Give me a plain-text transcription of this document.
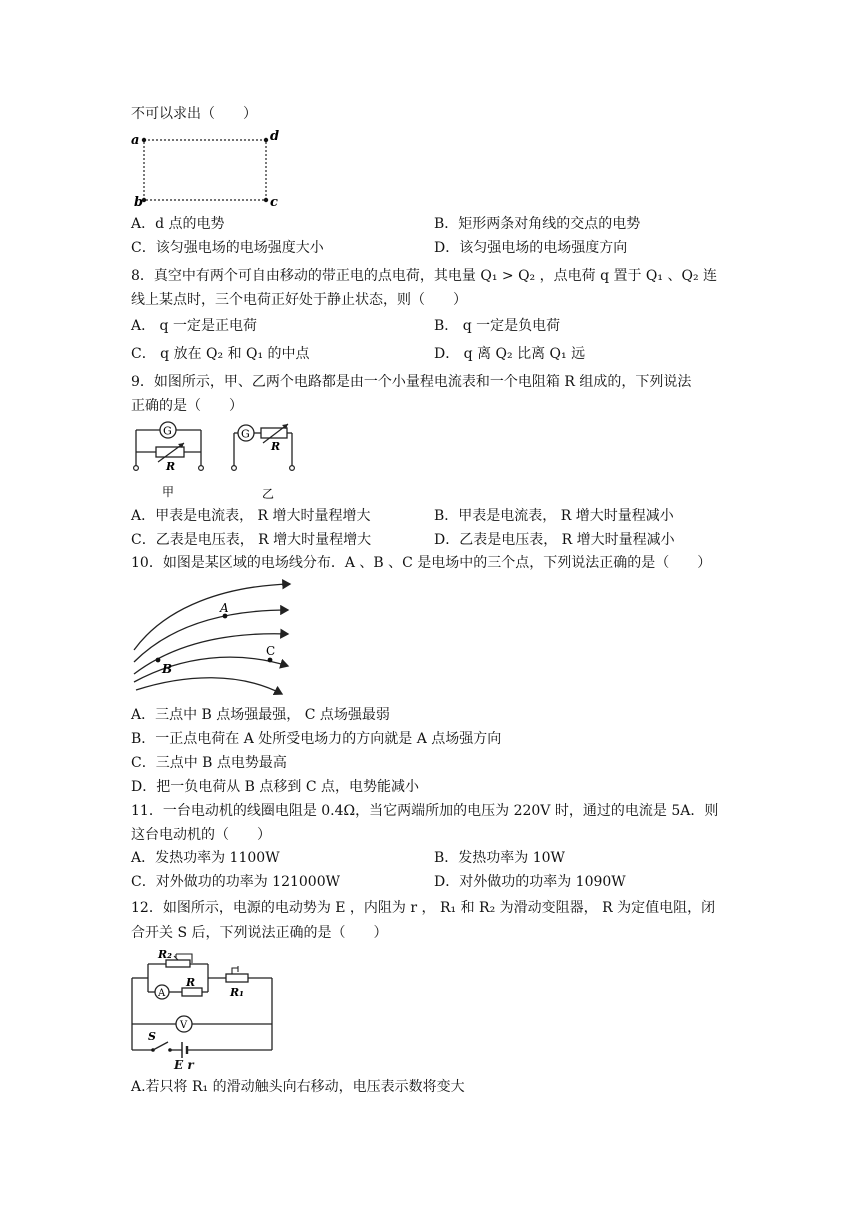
不可以求出（　　）
a	d
b	c
A．d 点的电势	B．矩形两条对角线的交点的电势
C．该匀强电场的电场强度大小	D．该匀强电场的电场强度方向
8．真空中有两个可自由移动的带正电的点电荷，其电量 Q₁ > Q₂ ，点电荷 q 置于 Q₁ 、Q₂ 连
线上某点时，三个电荷正好处于静止状态，则（　　）
A． q 一定是正电荷	B． q 一定是负电荷
C． q 放在 Q₂ 和 Q₁ 的中点	D． q 离 Q₂ 比离 Q₁ 远
9．如图所示，甲、乙两个电路都是由一个小量程电流表和一个电阻箱 R 组成的，下列说法
正确的是（　　）
G
R
甲
G
R
乙
A．甲表是电流表， R 增大时量程增大	B．甲表是电流表， R 增大时量程减小
C．乙表是电压表， R 增大时量程增大	D．乙表是电压表， R 增大时量程减小
10．如图是某区域的电场线分布．A 、B 、C 是电场中的三个点，下列说法正确的是（　　）
A
B
C
A．三点中 B 点场强最强， C 点场强最弱
B．一正点电荷在 A 处所受电场力的方向就是 A 点场强方向
C．三点中 B 点电势最高
D．把一负电荷从 B 点移到 C 点，电势能减小
11．一台电动机的线圈电阻是 0.4Ω，当它两端所加的电压为 220V 时，通过的电流是 5A．则
这台电动机的（　　）
A．发热功率为 1100W	B．发热功率为 10W
C．对外做功的功率为 121000W	D．对外做功的功率为 1090W
12．如图所示，电源的电动势为 E ，内阻为 r ， R₁ 和 R₂ 为滑动变阻器， R 为定值电阻，闭
合开关 S 后，下列说法正确的是（　　）
R₂
A
R
R₁
V
S
E r
A.若只将 R₁ 的滑动触头向右移动，电压表示数将变大
